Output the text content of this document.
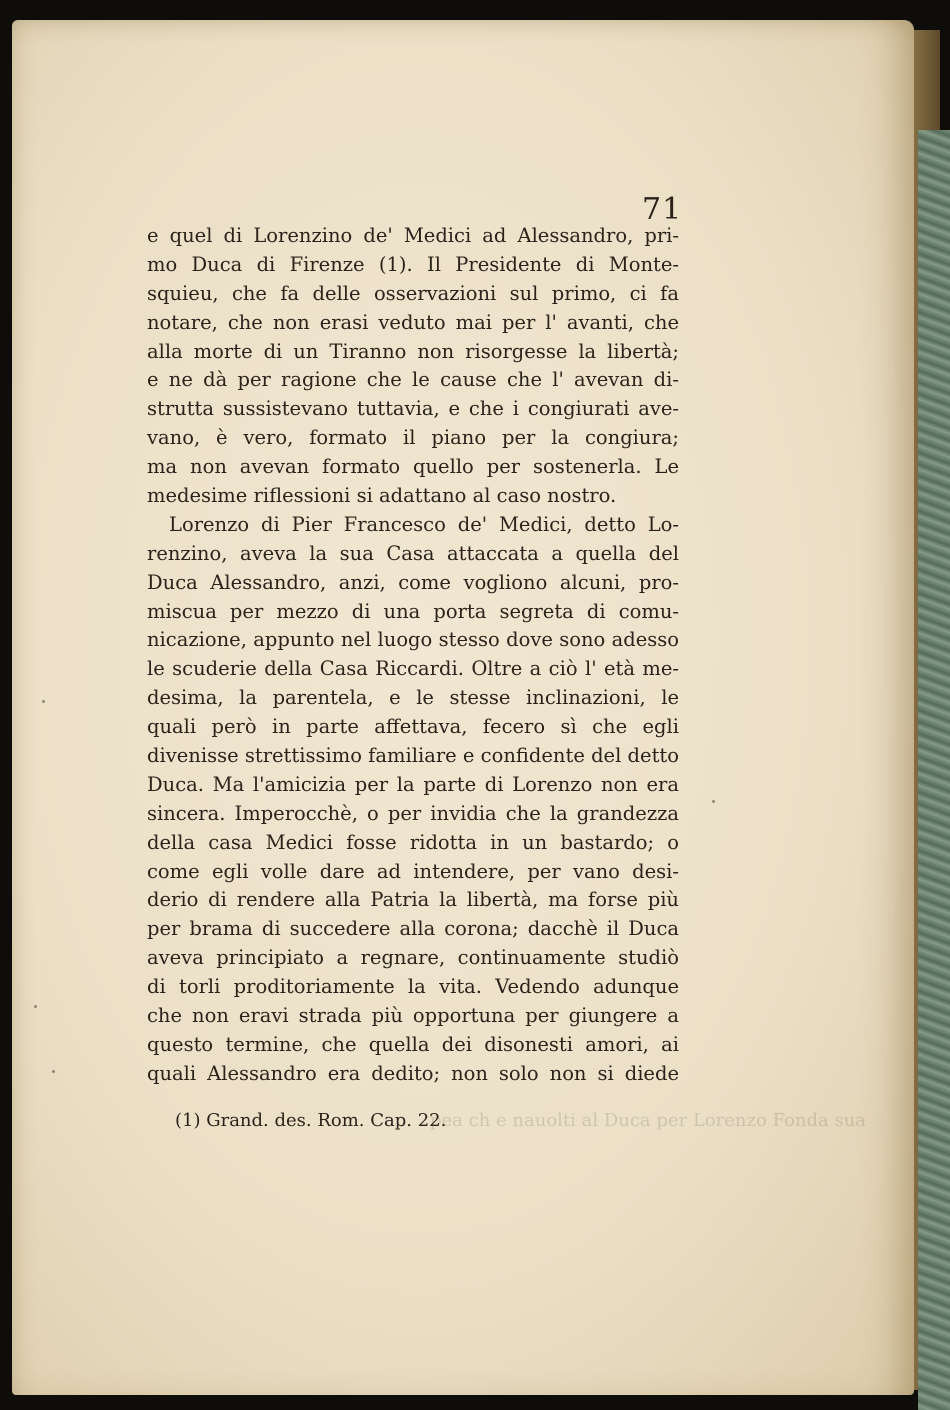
71
e quel di Lorenzino de' Medici ad Alessandro, pri-
mo Duca di Firenze (1). Il Presidente di Monte-
squieu, che fa delle osservazioni sul primo, ci fa
notare, che non erasi veduto mai per l' avanti, che
alla morte di un Tiranno non risorgesse la libertà;
e ne dà per ragione che le cause che l' avevan di-
strutta sussistevano tuttavia, e che i congiurati ave-
vano, è vero, formato il piano per la congiura;
ma non avevan formato quello per sostenerla. Le
medesime riflessioni si adattano al caso nostro.
Lorenzo di Pier Francesco de' Medici, detto Lo-
renzino, aveva la sua Casa attaccata a quella del
Duca Alessandro, anzi, come vogliono alcuni, pro-
miscua per mezzo di una porta segreta di comu-
nicazione, appunto nel luogo stesso dove sono adesso
le scuderie della Casa Riccardi. Oltre a ciò l' età me-
desima, la parentela, e le stesse inclinazioni, le
quali però in parte affettava, fecero sì che egli
divenisse strettissimo familiare e confidente del detto
Duca. Ma l'amicizia per la parte di Lorenzo non era
sincera. Imperocchè, o per invidia che la grandezza
della casa Medici fosse ridotta in un bastardo; o
come egli volle dare ad intendere, per vano desi-
derio di rendere alla Patria la libertà, ma forse più
per brama di succedere alla corona; dacchè il Duca
aveva principiato a regnare, continuamente studiò
di torli proditoriamente la vita. Vedendo adunque
che non eravi strada più opportuna per giungere a
questo termine, che quella dei disonesti amori, ai
quali Alessandro era dedito; non solo non si diede
(1) Grand. des. Rom. Cap. 22.
pea ch e nauolti al Duca per Lorenzo Fonda sua
